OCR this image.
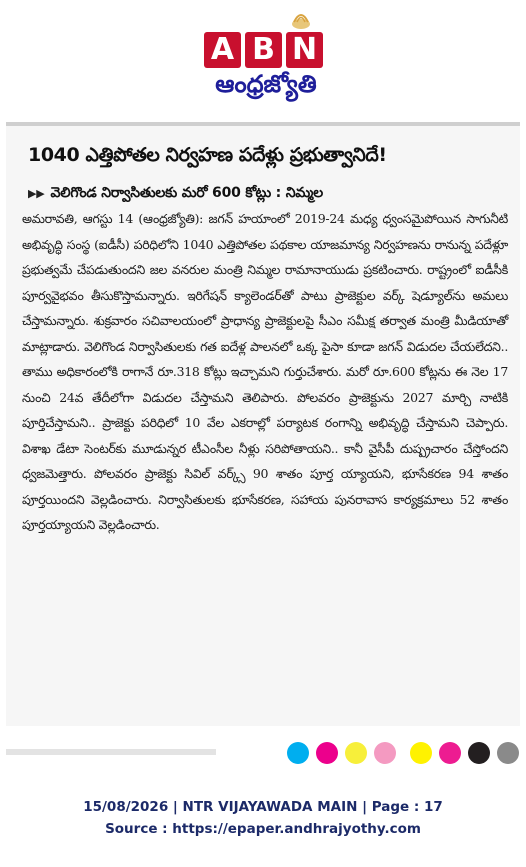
A B N
ఆంధ్రజ్యోతి
1040 ఎత్తిపోతల నిర్వహణ పదేళ్లు ప్రభుత్వానిదే!
▶▶ వెలిగొండ నిర్వాసితులకు మరో 600 కోట్లు : నిమ్మల
అమరావతి, ఆగస్టు 14 (ఆంధ్రజ్యోతి): జగన్ హయాంలో 2019-24 మధ్య ధ్వంసమైపోయిన సాగునీటి అభివృద్ధి సంస్థ (ఐడీసీ) పరిధిలోని 1040 ఎత్తిపోతల పథకాల యాజమాన్య నిర్వహణను రానున్న పదేళ్లూ ప్రభుత్వమే చేపడుతుందని జల వనరుల మంత్రి నిమ్మల రామానాయుడు ప్రకటించారు. రాష్ట్రంలో ఐడీసీకి పూర్వవైభవం తీసుకొస్తామన్నారు. ఇరిగేషన్ క్యాలెండర్‌తో పాటు ప్రాజెక్టుల వర్క్ షెడ్యూల్‌ను అమలు చేస్తామన్నారు. శుక్రవారం సచివాలయంలో ప్రాధాన్య ప్రాజెక్టులపై సీఎం సమీక్ష తర్వాత మంత్రి మీడియాతో మాట్లాడారు. వెలిగొండ నిర్వాసితులకు గత ఐదేళ్ల పాలనలో ఒక్క పైసా కూడా జగన్ విడుదల చేయలేదని.. తాము అధికారంలోకి రాగానే రూ.318 కోట్లు ఇచ్చామని గుర్తుచేశారు. మరో రూ.600 కోట్లను ఈ నెల 17 నుంచి 24వ తేదీలోగా విడుదల చేస్తామని తెలిపారు. పోలవరం ప్రాజెక్టును 2027 మార్చి నాటికి పూర్తిచేస్తామని.. ప్రాజెక్టు పరిధిలో 10 వేల ఎకరాల్లో పర్యాటక రంగాన్ని అభివృద్ధి చేస్తామని చెప్పారు. విశాఖ డేటా సెంటర్‌కు మూడున్నర టీఎంసీల నీళ్లు సరిపోతాయని.. కానీ వైసీపీ దుష్ప్రచారం చేస్తోందని ధ్వజమెత్తారు. పోలవరం ప్రాజెక్టు సివిల్ వర్క్స్ 90 శాతం పూర్త య్యాయని, భూసేకరణ 94 శాతం పూర్తయిందని వెల్లడించారు. నిర్వాసితులకు భూసేకరణ, సహాయ పునరావాస కార్యక్రమాలు 52 శాతం పూర్తయ్యాయని వెల్లడించారు.
15/08/2026 | NTR VIJAYAWADA MAIN | Page : 17
Source : https://epaper.andhrajyothy.com
